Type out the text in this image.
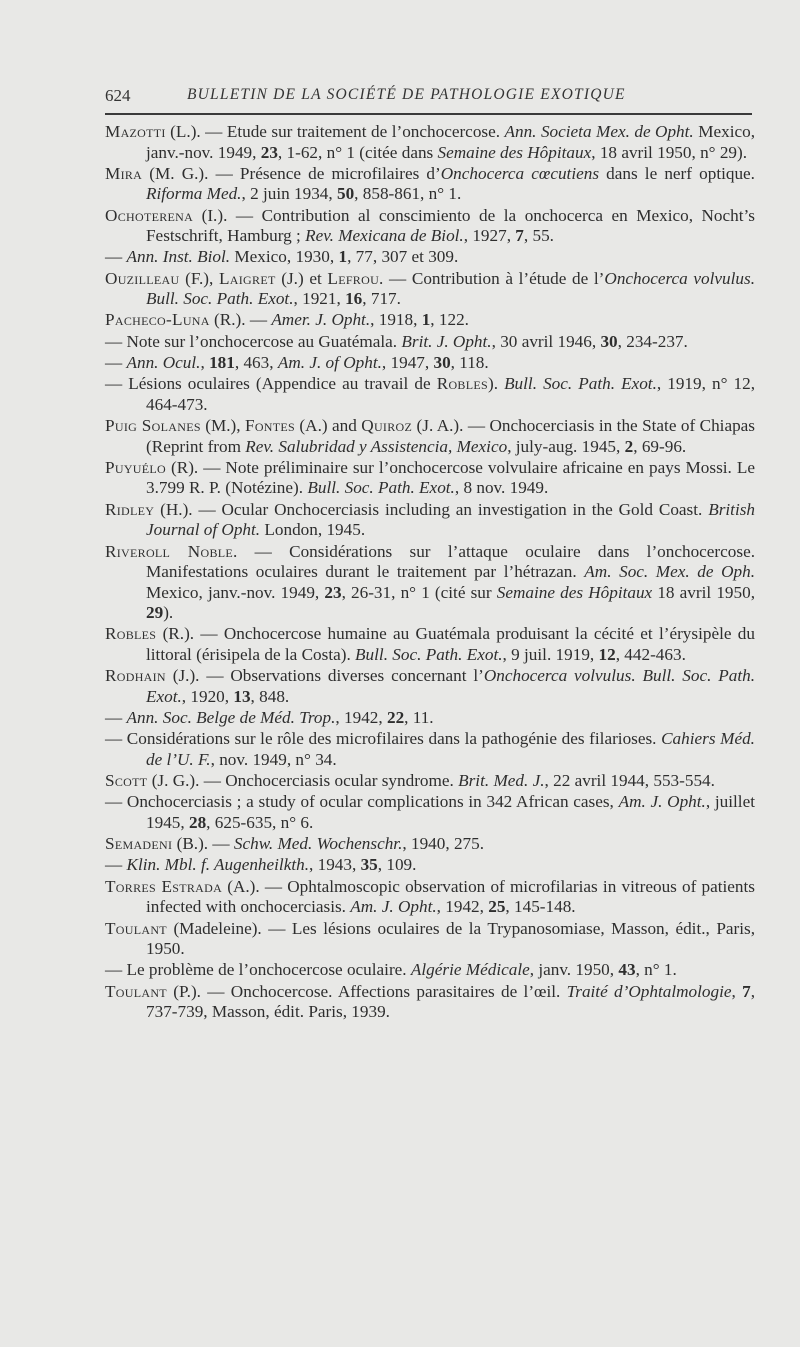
624	BULLETIN DE LA SOCIÉTÉ DE PATHOLOGIE EXOTIQUE
Mazotti (L.). — Etude sur traitement de l’onchocercose. Ann. Societa Mex. de Opht. Mexico, janv.-nov. 1949, 23, 1-62, n° 1 (citée dans Semaine des Hôpitaux, 18 avril 1950, n° 29).
Mira (M. G.). — Présence de microfilaires d’Onchocerca cœcutiens dans le nerf optique. Riforma Med., 2 juin 1934, 50, 858-861, n° 1.
Ochoterena (I.). — Contribution al conscimiento de la onchocerca en Mexico, Nocht’s Festschrift, Hamburg ; Rev. Mexicana de Biol., 1927, 7, 55.
— Ann. Inst. Biol. Mexico, 1930, 1, 77, 307 et 309.
Ouzilleau (F.), Laigret (J.) et Lefrou. — Contribution à l’étude de l’Onchocerca volvulus. Bull. Soc. Path. Exot., 1921, 16, 717.
Pacheco-Luna (R.). — Amer. J. Opht., 1918, 1, 122.
— Note sur l’onchocercose au Guatémala. Brit. J. Opht., 30 avril 1946, 30, 234-237.
— Ann. Ocul., 181, 463, Am. J. of Opht., 1947, 30, 118.
— Lésions oculaires (Appendice au travail de Robles). Bull. Soc. Path. Exot., 1919, n° 12, 464-473.
Puig Solanes (M.), Fontes (A.) and Quiroz (J. A.). — Onchocerciasis in the State of Chiapas (Reprint from Rev. Salubridad y Assistencia, Mexico, july-aug. 1945, 2, 69-96.
Puyuélo (R). — Note préliminaire sur l’onchocercose volvulaire africaine en pays Mossi. Le 3.799 R. P. (Notézine). Bull. Soc. Path. Exot., 8 nov. 1949.
Ridley (H.). — Ocular Onchocerciasis including an investigation in the Gold Coast. British Journal of Opht. London, 1945.
Riveroll Noble. — Considérations sur l’attaque oculaire dans l’onchocercose. Manifestations oculaires durant le traitement par l’hétrazan. Am. Soc. Mex. de Oph. Mexico, janv.-nov. 1949, 23, 26-31, n° 1 (cité sur Semaine des Hôpitaux 18 avril 1950, 29).
Robles (R.). — Onchocercose humaine au Guatémala produisant la cécité et l’érysipèle du littoral (érisipela de la Costa). Bull. Soc. Path. Exot., 9 juil. 1919, 12, 442-463.
Rodhain (J.). — Observations diverses concernant l’Onchocerca volvulus. Bull. Soc. Path. Exot., 1920, 13, 848.
— Ann. Soc. Belge de Méd. Trop., 1942, 22, 11.
— Considérations sur le rôle des microfilaires dans la pathogénie des filarioses. Cahiers Méd. de l’U. F., nov. 1949, n° 34.
Scott (J. G.). — Onchocerciasis ocular syndrome. Brit. Med. J., 22 avril 1944, 553-554.
— Onchocerciasis ; a study of ocular complications in 342 African cases, Am. J. Opht., juillet 1945, 28, 625-635, n° 6.
Semadeni (B.). — Schw. Med. Wochenschr., 1940, 275.
— Klin. Mbl. f. Augenheilkth., 1943, 35, 109.
Torres Estrada (A.). — Ophtalmoscopic observation of microfilarias in vitreous of patients infected with onchocerciasis. Am. J. Opht., 1942, 25, 145-148.
Toulant (Madeleine). — Les lésions oculaires de la Trypanosomiase, Masson, édit., Paris, 1950.
— Le problème de l’onchocercose oculaire. Algérie Médicale, janv. 1950, 43, n° 1.
Toulant (P.). — Onchocercose. Affections parasitaires de l’œil. Traité d’Ophtalmologie, 7, 737-739, Masson, édit. Paris, 1939.
